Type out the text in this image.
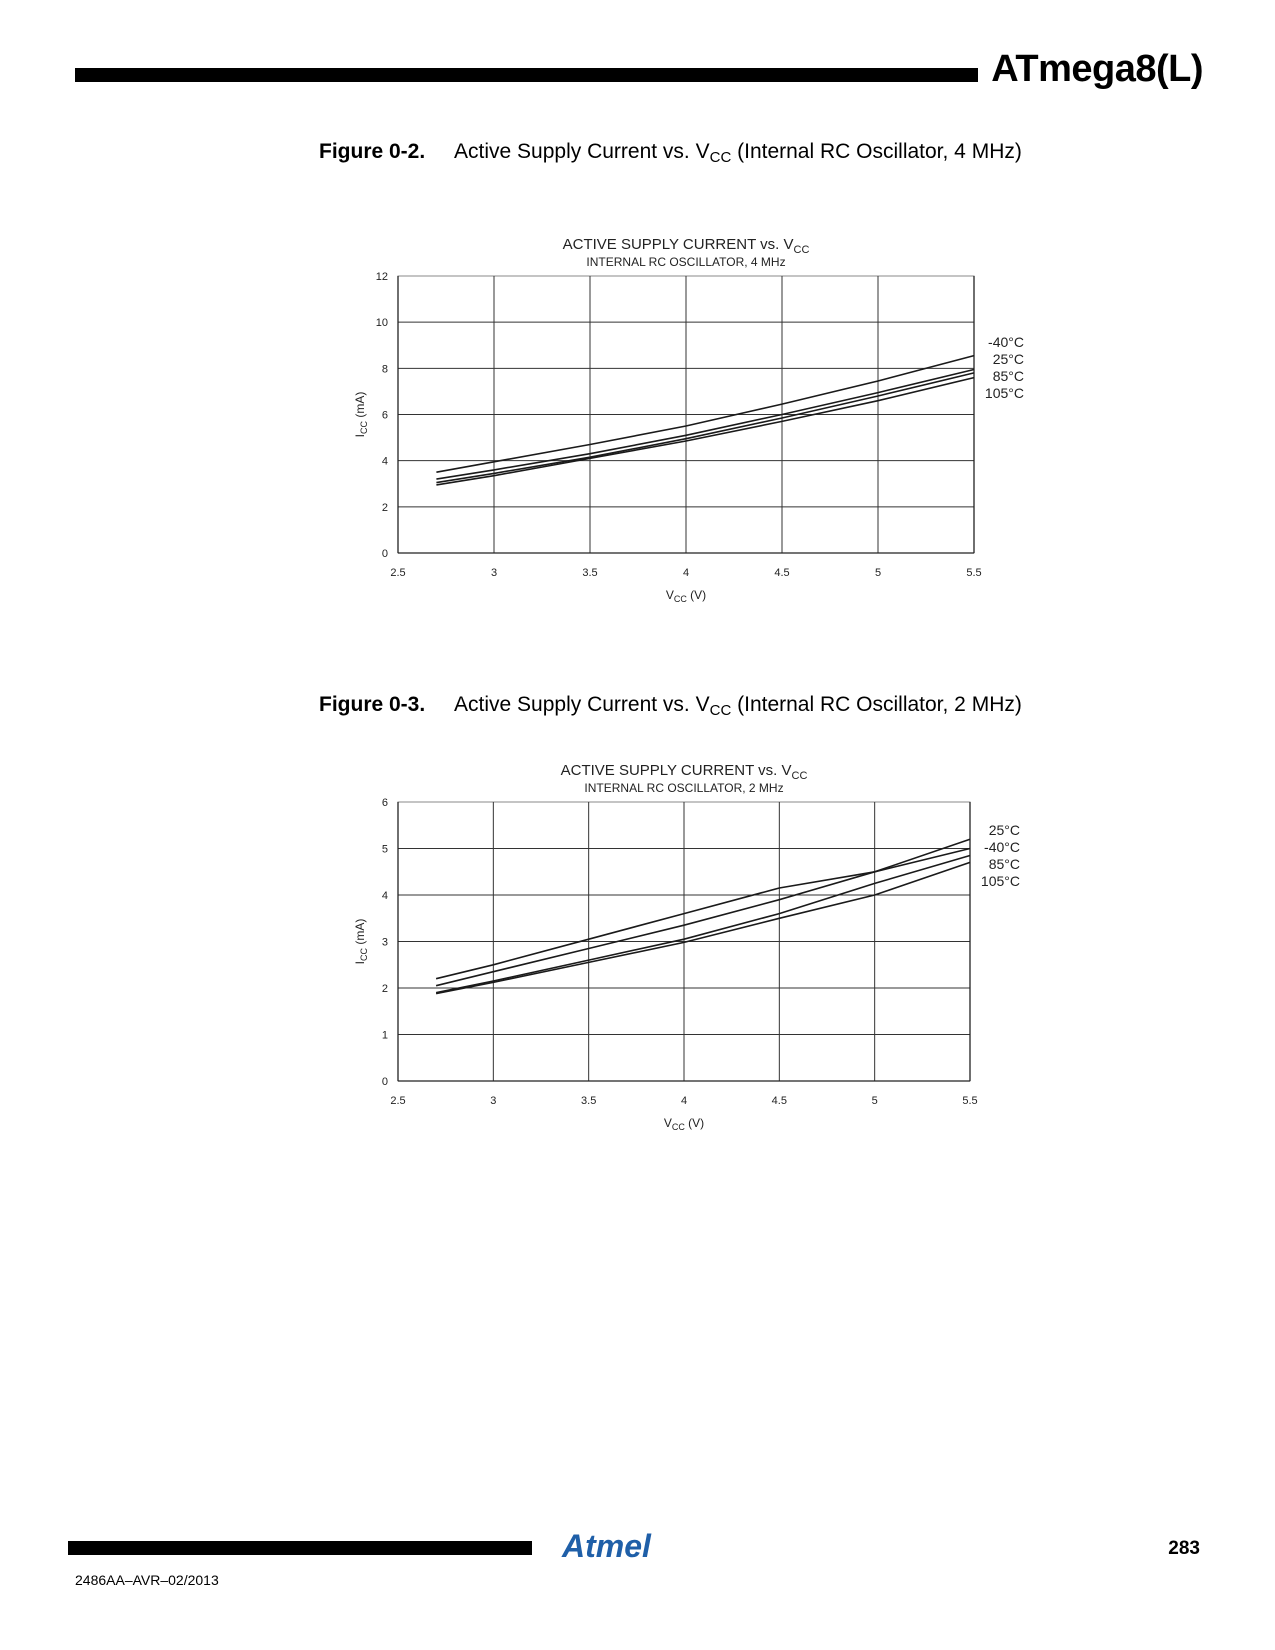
ATmega8(L)
Figure 0-2. Active Supply Current vs. $V_{CC}$ (Internal RC Oscillator, 4 MHz)
ACTIVE SUPPLY CURRENT vs. $V_{CC}$
INTERNAL RC OSCILLATOR, 4 MHz
2.5	3	3.5	4	4.5	5	5.5
0
2
4
6
8
10
12
$V_{CC}$ (V)
$I_{CC}$ (mA)
-40°C
25°C
85°C
105°C
Figure 0-3. Active Supply Current vs. $V_{CC}$ (Internal RC Oscillator, 2 MHz)
ACTIVE SUPPLY CURRENT vs. $V_{CC}$
INTERNAL RC OSCILLATOR, 2 MHz
2.5	3	3.5	4	4.5	5	5.5
0
1
2
3
4
5
6
$V_{CC}$ (V)
$I_{CC}$ (mA)
25°C
-40°C
85°C
105°C
Atmel	283
2486AA–AVR–02/2013
